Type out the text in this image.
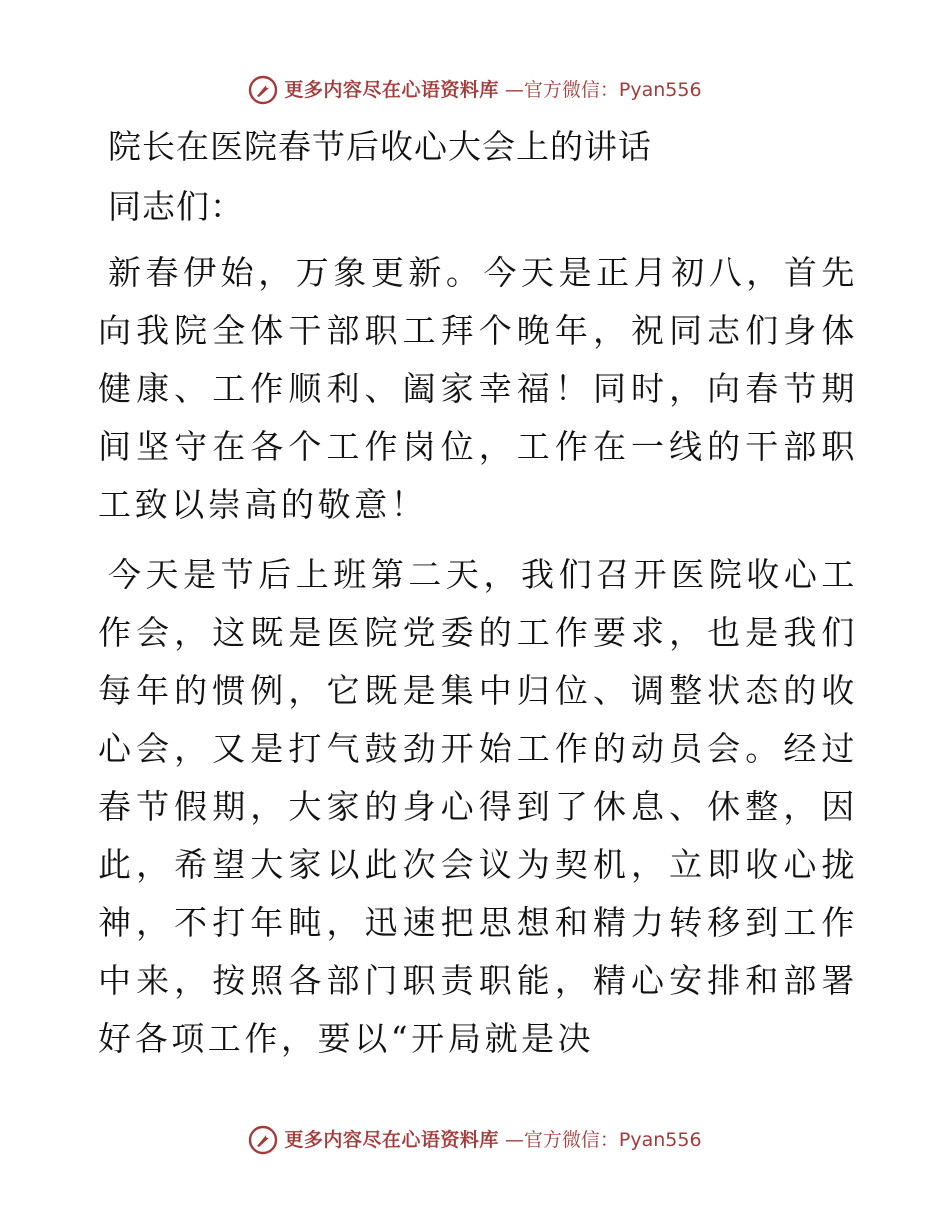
更多内容尽在心语资料库 —官方微信：Pyan556
院长在医院春节后收心大会上的讲话
同志们：

新春伊始，万象更新。今天是正月初八，首先向我院全体干部职工拜个晚年，祝同志们身体健康、工作顺利、阖家幸福！同时，向春节期间坚守在各个工作岗位，工作在一线的干部职工致以崇高的敬意！

今天是节后上班第二天，我们召开医院收心工作会，这既是医院党委的工作要求，也是我们每年的惯例，它既是集中归位、调整状态的收心会，又是打气鼓劲开始工作的动员会。经过春节假期，大家的身心得到了休息、休整，因此，希望大家以此次会议为契机，立即收心拢神，不打年盹，迅速把思想和精力转移到工作中来，按照各部门职责职能，精心安排和部署好各项工作，要以“开局就是决

更多内容尽在心语资料库 —官方微信：Pyan556
